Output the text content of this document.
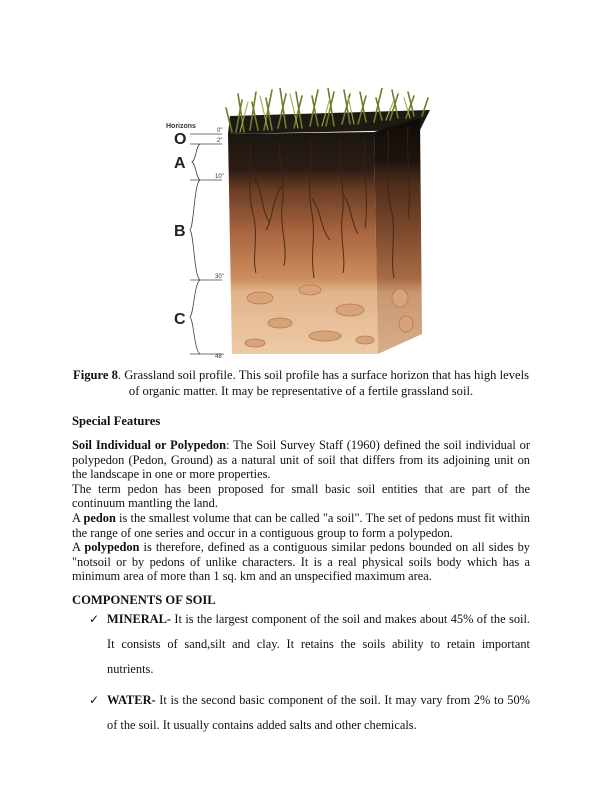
Horizons
O
A
B
C
0"
2"
10"
30"
48"
Figure 8. Grassland soil profile. This soil profile has a surface horizon that has high levels of organic matter. It may be representative of a fertile grassland soil.
Special Features

Soil Individual or Polypedon: The Soil Survey Staff (1960) defined the soil individual or polypedon (Pedon, Ground) as a natural unit of soil that differs from its adjoining unit on the landscape in one or more properties.

The term pedon has been proposed for small basic soil entities that are part of the continuum mantling the land.

A pedon is the smallest volume that can be called "a soil". The set of pedons must fit within the range of one series and occur in a contiguous group to form a polypedon.

A polypedon is therefore, defined as a contiguous similar pedons bounded on all sides by "notsoil or by pedons of unlike characters. It is a real physical soils body which has a minimum area of more than 1 sq. km and an unspecified maximum area.

COMPONENTS OF SOIL
✓ MINERAL- It is the largest component of the soil and makes about 45% of the soil. It consists of sand,silt and clay. It retains the soils ability to retain important nutrients.
✓ WATER- It is the second basic component of the soil. It may vary from 2% to 50% of the soil. It usually contains added salts and other chemicals.
